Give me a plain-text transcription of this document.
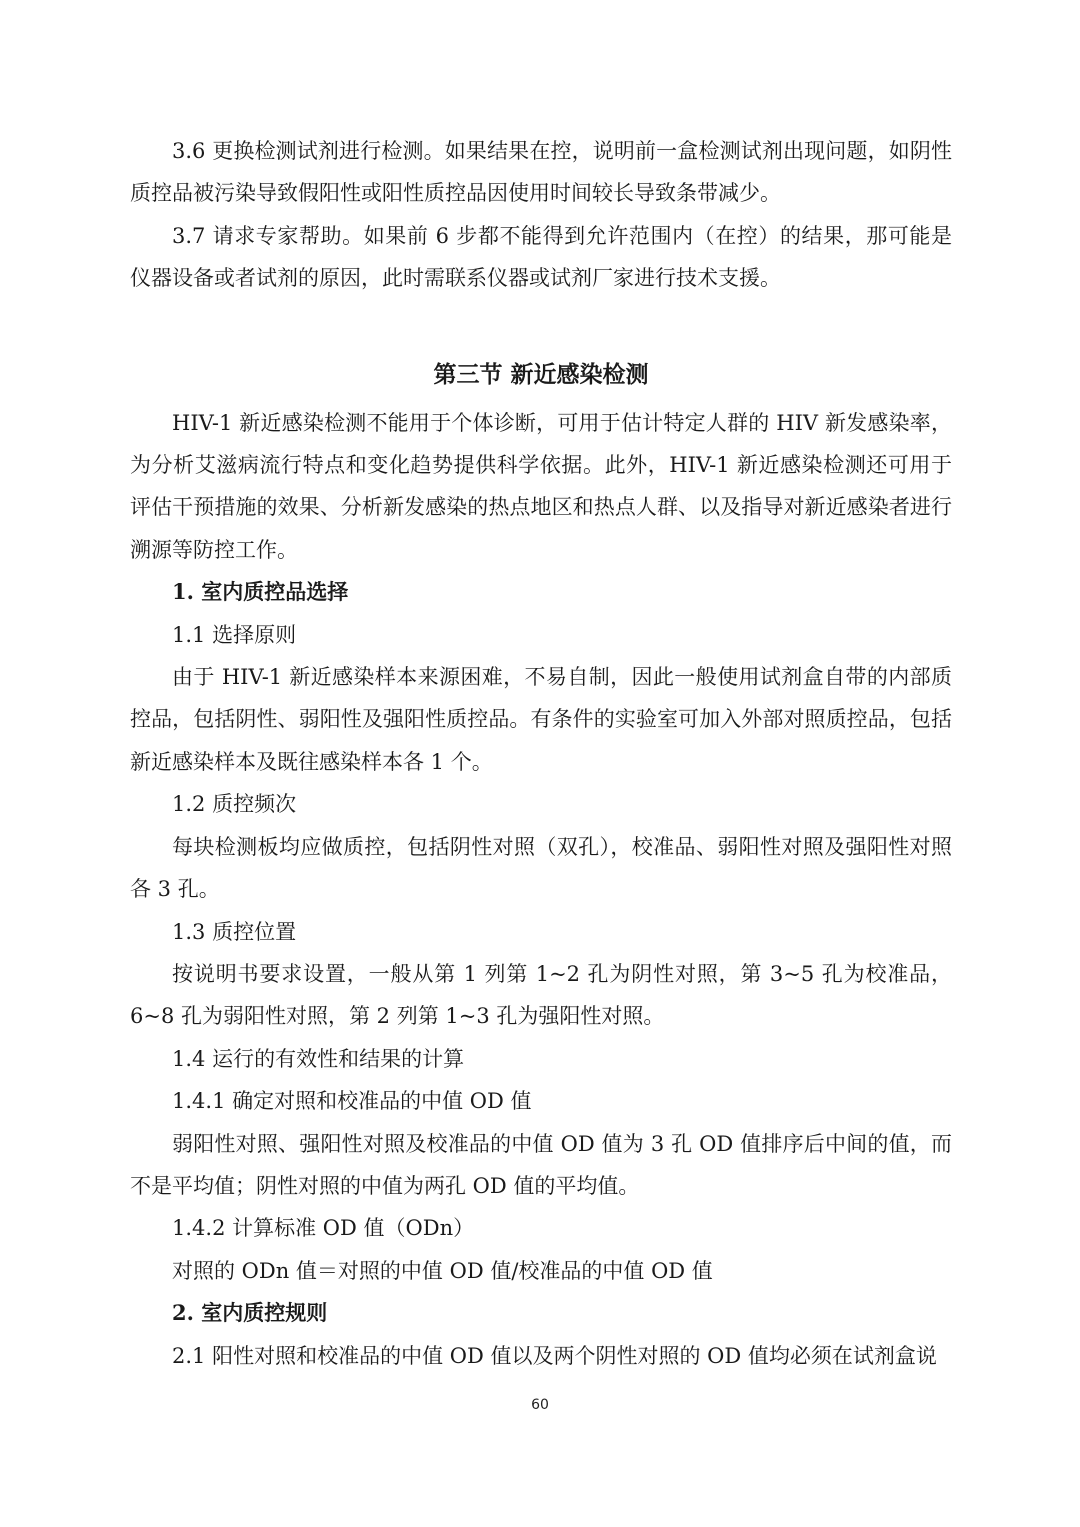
3.6 更换检测试剂进行检测。如果结果在控，说明前一盒检测试剂出现问题，如阴性质控品被污染导致假阳性或阳性质控品因使用时间较长导致条带减少。

3.7 请求专家帮助。如果前 6 步都不能得到允许范围内（在控）的结果，那可能是仪器设备或者试剂的原因，此时需联系仪器或试剂厂家进行技术支援。

第三节 新近感染检测

HIV-1 新近感染检测不能用于个体诊断，可用于估计特定人群的 HIV 新发感染率，为分析艾滋病流行特点和变化趋势提供科学依据。此外，HIV-1 新近感染检测还可用于评估干预措施的效果、分析新发感染的热点地区和热点人群、以及指导对新近感染者进行溯源等防控工作。

1. 室内质控品选择

1.1 选择原则

由于 HIV-1 新近感染样本来源困难，不易自制，因此一般使用试剂盒自带的内部质控品，包括阴性、弱阳性及强阳性质控品。有条件的实验室可加入外部对照质控品，包括新近感染样本及既往感染样本各 1 个。

1.2 质控频次

每块检测板均应做质控，包括阴性对照（双孔），校准品、弱阳性对照及强阳性对照各 3 孔。

1.3 质控位置

按说明书要求设置，一般从第 1 列第 1~2 孔为阴性对照，第 3~5 孔为校准品，6~8 孔为弱阳性对照，第 2 列第 1~3 孔为强阳性对照。

1.4 运行的有效性和结果的计算

1.4.1 确定对照和校准品的中值 OD 值

弱阳性对照、强阳性对照及校准品的中值 OD 值为 3 孔 OD 值排序后中间的值，而不是平均值；阴性对照的中值为两孔 OD 值的平均值。

1.4.2 计算标准 OD 值（ODn）

对照的 ODn 值＝对照的中值 OD 值/校准品的中值 OD 值

2. 室内质控规则

2.1 阳性对照和校准品的中值 OD 值以及两个阴性对照的 OD 值均必须在试剂盒说

60
